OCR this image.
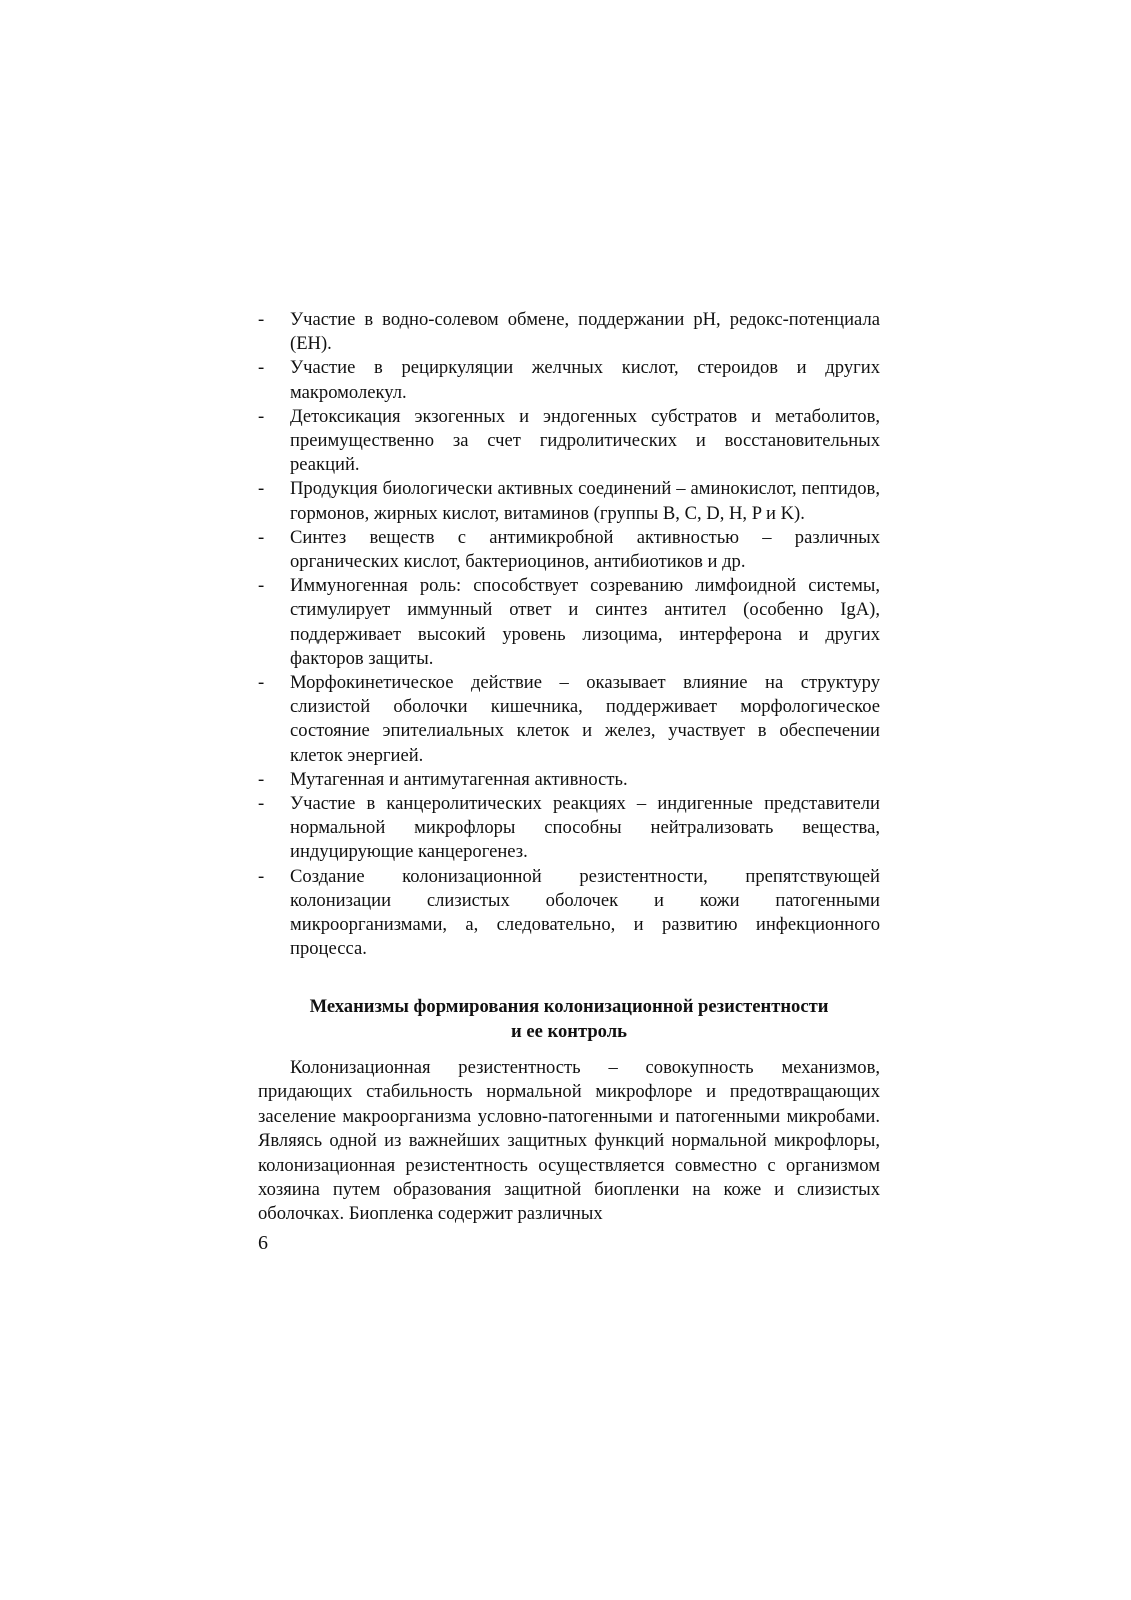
- Участие в водно-солевом обмене, поддержании pH, редокс-потенциала (EH).
- Участие в рециркуляции желчных кислот, стероидов и других макромолекул.
- Детоксикация экзогенных и эндогенных субстратов и метаболитов, преимущественно за счет гидролитических и восстановительных реакций.
- Продукция биологически активных соединений – аминокислот, пептидов, гормонов, жирных кислот, витаминов (группы B, C, D, H, P и K).
- Синтез веществ с антимикробной активностью – различных органических кислот, бактериоцинов, антибиотиков и др.
- Иммуногенная роль: способствует созреванию лимфоидной системы, стимулирует иммунный ответ и синтез антител (особенно IgA), поддерживает высокий уровень лизоцима, интерферона и других факторов защиты.
- Морфокинетическое действие – оказывает влияние на структуру слизистой оболочки кишечника, поддерживает морфологическое состояние эпителиальных клеток и желез, участвует в обеспечении клеток энергией.
- Мутагенная и антимутагенная активность.
- Участие в канцеролитических реакциях – индигенные представители нормальной микрофлоры способны нейтрализовать вещества, индуцирующие канцерогенез.
- Создание колонизационной резистентности, препятствующей колонизации слизистых оболочек и кожи патогенными микроорганизмами, а, следовательно, и развитию инфекционного процесса.
Механизмы формирования колонизационной резистентности
и ее контроль

Колонизационная резистентность – совокупность механизмов, придающих стабильность нормальной микрофлоре и предотвращающих заселение макроорганизма условно-патогенными и патогенными микробами. Являясь одной из важнейших защитных функций нормальной микрофлоры, колонизационная резистентность осуществляется совместно с организмом хозяина путем образования защитной биопленки на коже и слизистых оболочках. Биопленка содержит различных

6
